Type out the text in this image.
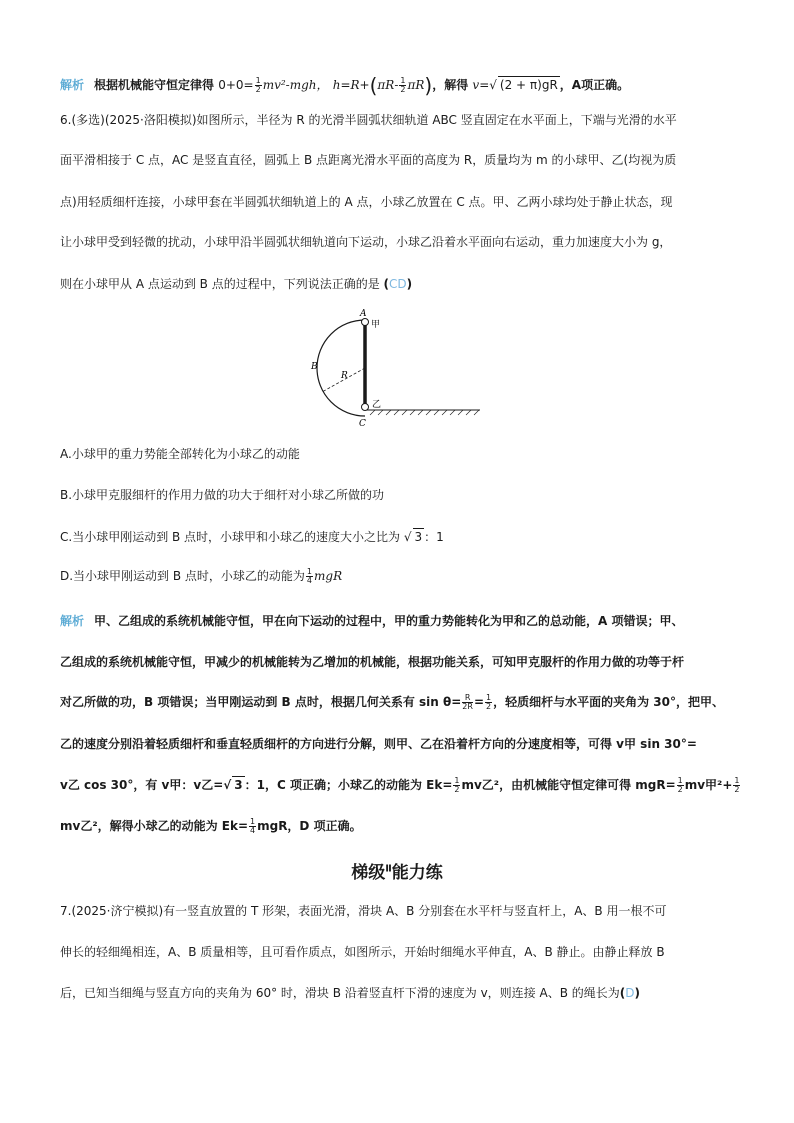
解析 根据机械能守恒定律得 $0+0= \frac{1}{2} mv^2-mgh$， $h=R+(\pi R- \frac{1}{2} \pi R)$，解得 v=√ (2 + π)gR ，A项正确。
6.(多选)(2025·洛阳模拟)如图所示，半径为 R 的光滑半圆弧状细轨道 ABC 竖直固定在水平面上，下端与光滑的水平
面平滑相接于 C 点，AC 是竖直直径，圆弧上 B 点距离光滑水平面的高度为 R，质量均为 m 的小球甲、乙(均视为质
点)用轻质细杆连接，小球甲套在半圆弧状细轨道上的 A 点，小球乙放置在 C 点。甲、乙两小球均处于静止状态，现
让小球甲受到轻微的扰动，小球甲沿半圆弧状细轨道向下运动，小球乙沿着水平面向右运动，重力加速度大小为 g，
则在小球甲从 A 点运动到 B 点的过程中，下列说法正确的是 (CD)
A
甲
B
R
乙
C
A.小球甲的重力势能全部转化为小球乙的动能
B.小球甲克服细杆的作用力做的功大于细杆对小球乙所做的功
C.当小球甲刚运动到 B 点时，小球甲和小球乙的速度大小之比为 √ 3 ：1
D.当小球甲刚运动到 B 点时，小球乙的动能为 $\frac{1}{4}$ mgR
解析 甲、乙组成的系统机械能守恒，甲在向下运动的过程中，甲的重力势能转化为甲和乙的总动能，A 项错误；甲、
乙组成的系统机械能守恒，甲减少的机械能转为乙增加的机械能，根据功能关系，可知甲克服杆的作用力做的功等于杆
对乙所做的功，B 项错误；当甲刚运动到 B 点时，根据几何关系有 $\sin \theta= \frac{R}{2R} = \frac{1}{2}$ ，轻质细杆与水平面的夹角为 30°，把甲、
乙的速度分别沿着轻质细杆和垂直轻质细杆的方向进行分解，则甲、乙在沿着杆方向的分速度相等，可得 v甲 sin 30°=
v乙 cos 30°，有 v甲：v乙=√ 3 ：1，C 项正确；小球乙的动能为 $Ek= \frac{1}{2}$ mv乙²，由机械能守恒定律可得 $mgR= \frac{1}{2}$ mv甲$^2+ \frac{1}{2}$
mv乙²，解得小球乙的动能为 $Ek= \frac{1}{4}$ mgR，D 项正确。
梯级$^Ⅱ$能力练
7.(2025·济宁模拟)有一竖直放置的 T 形架，表面光滑，滑块 A、B 分别套在水平杆与竖直杆上，A、B 用一根不可
伸长的轻细绳相连，A、B 质量相等，且可看作质点，如图所示，开始时细绳水平伸直，A、B 静止。由静止释放 B
后，已知当细绳与竖直方向的夹角为 60° 时，滑块 B 沿着竖直杆下滑的速度为 v，则连接 A、B 的绳长为(D)
